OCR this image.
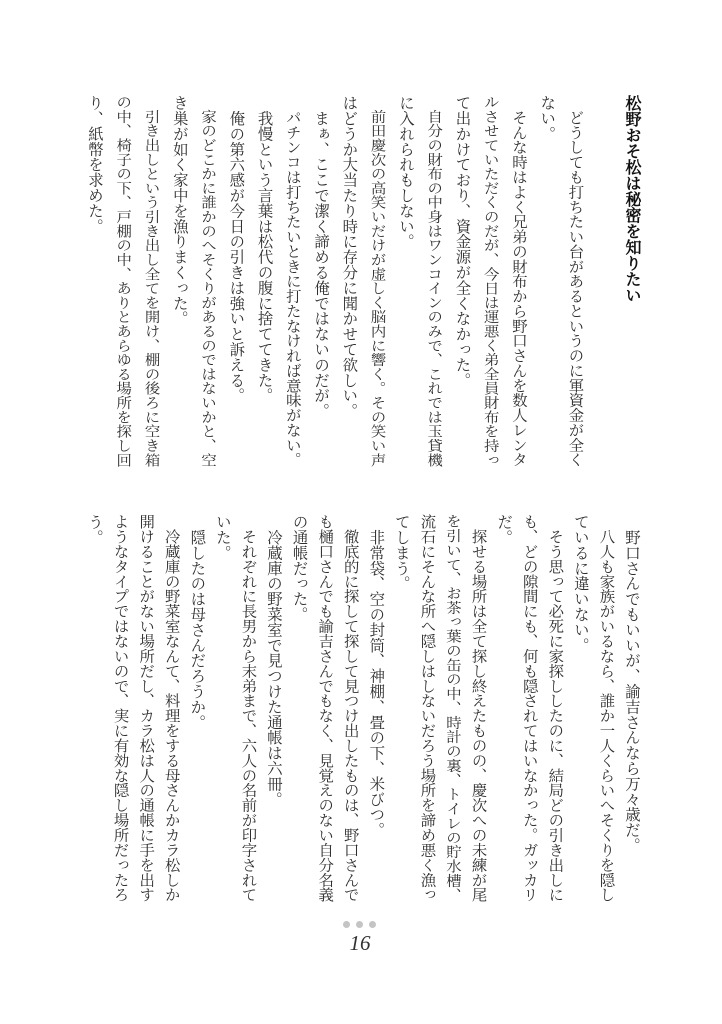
松野おそ松は秘密を知りたい
　どうしても打ちたい台があるというのに軍資金が全く
ない。
　そんな時はよく兄弟の財布から野口さんを数人レンタ
ルさせていただくのだが、今日は運悪く弟全員財布を持っ
て出かけており、資金源が全くなかった。
　自分の財布の中身はワンコインのみで、これでは玉貸機
に入れられもしない。
　前田慶次の高笑いだけが虚しく脳内に響く。その笑い声
はどうか大当たり時に存分に聞かせて欲しい。
　まぁ、ここで潔く諦める俺ではないのだが。
　パチンコは打ちたいときに打たなければ意味がない。
　我慢という言葉は松代の腹に捨ててきた。
　俺の第六感が今日の引きは強いと訴える。
　家のどこかに誰かのへそくりがあるのではないかと、空
き巣が如く家中を漁りまくった。
　引き出しという引き出し全てを開け、棚の後ろに空き箱
の中、椅子の下、戸棚の中、ありとあらゆる場所を探し回
り、紙幣を求めた。
　野口さんでもいいが、諭吉さんなら万々歳だ。
　八人も家族がいるなら、誰か一人くらいへそくりを隠し
ているに違いない。
　そう思って必死に家探ししたのに、結局どの引き出しに
も、どの隙間にも、何も隠されてはいなかった。ガッカリ
だ。
　探せる場所は全て探し終えたものの、慶次への未練が尾
を引いて、お茶っ葉の缶の中、時計の裏、トイレの貯水槽、
流石にそんな所へ隠しはしないだろう場所を諦め悪く漁っ
てしまう。
　非常袋、空の封筒、神棚、畳の下、米びつ。
　徹底的に探して探して見つけ出したものは、野口さんで
も樋口さんでも諭吉さんでもなく、見覚えのない自分名義
の通帳だった。
　冷蔵庫の野菜室で見つけた通帳は六冊。
　それぞれに長男から末弟まで、六人の名前が印字されて
いた。
　隠したのは母さんだろうか。
　冷蔵庫の野菜室なんて、料理をする母さんかカラ松しか
開けることがない場所だし、カラ松は人の通帳に手を出す
ようなタイプではないので、実に有効な隠し場所だったろ
う。
16
